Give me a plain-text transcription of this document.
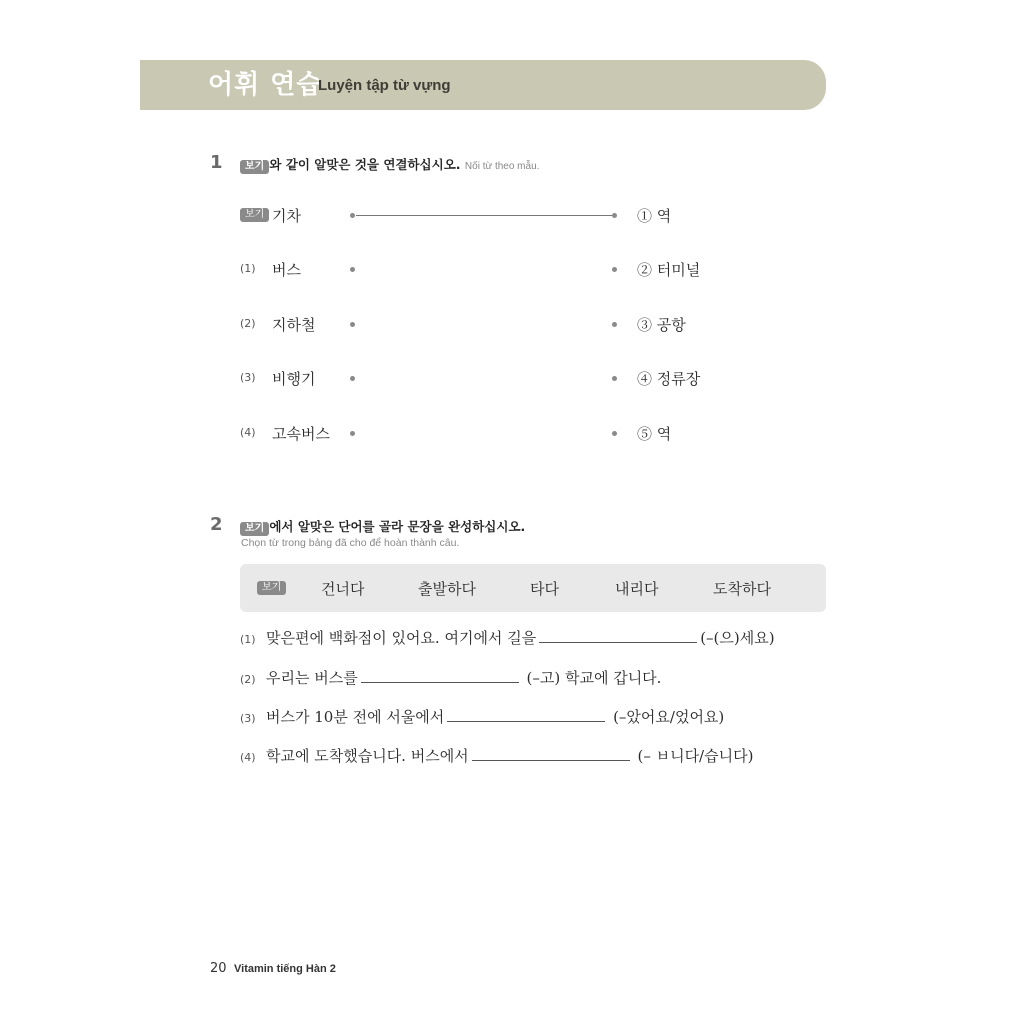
어휘 연습
Luyện tập từ vựng
1	보기 와 같이 알맞은 것을 연결하십시오. Nối từ theo mẫu.
보기 기차	① 역
(1) 버스	② 터미널
(2) 지하철	③ 공항
(3) 비행기	④ 정류장
(4) 고속버스	⑤ 역
2	보기 에서 알맞은 단어를 골라 문장을 완성하십시오.
Chọn từ trong bảng đã cho để hoàn thành câu.
보기	건너다	출발하다	타다	내리다	도착하다
(1) 맞은편에 백화점이 있어요. 여기에서 길을	(–(으)세요)
(2) 우리는 버스를	(–고) 학교에 갑니다.
(3) 버스가 10분 전에 서울에서	(–았어요/었어요)
(4) 학교에 도착했습니다. 버스에서	(– ㅂ니다/습니다)
20 Vitamin tiếng Hàn 2
